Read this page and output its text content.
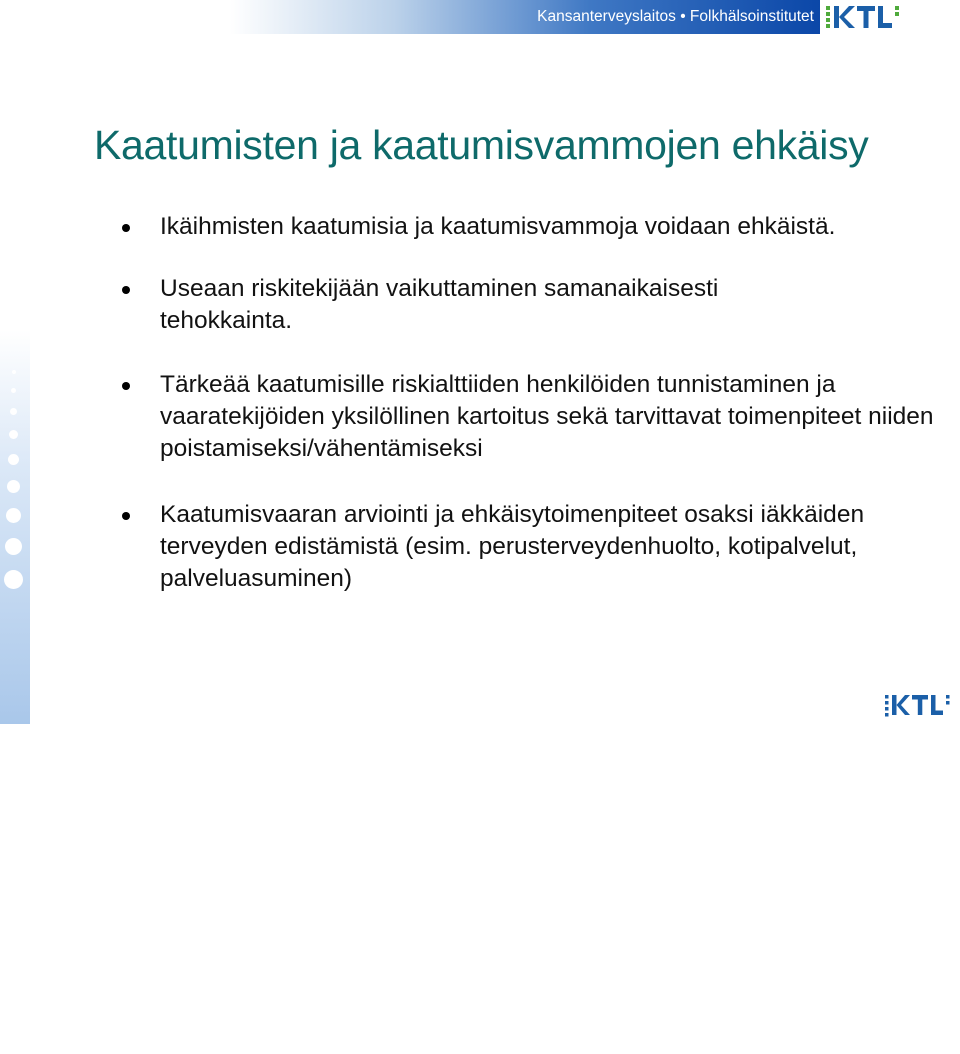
Kansanterveyslaitos • Folkhälsoinstitutet
www.ktl.fi
Kaatumisten ja kaatumisvammojen ehkäisy
Ikäihmisten kaatumisia ja kaatumisvammoja voidaan ehkäistä.
Useaan riskitekijään vaikuttaminen samanaikaisesti tehokkainta.
Tärkeää kaatumisille riskialttiiden henkilöiden tunnistaminen ja vaaratekijöiden yksilöllinen kartoitus sekä tarvittavat toimenpiteet niiden poistamiseksi/vähentämiseksi
Kaatumisvaaran arviointi ja ehkäisytoimenpiteet osaksi iäkkäiden terveyden edistämistä (esim. perusterveydenhuolto, kotipalvelut, palveluasuminen)
